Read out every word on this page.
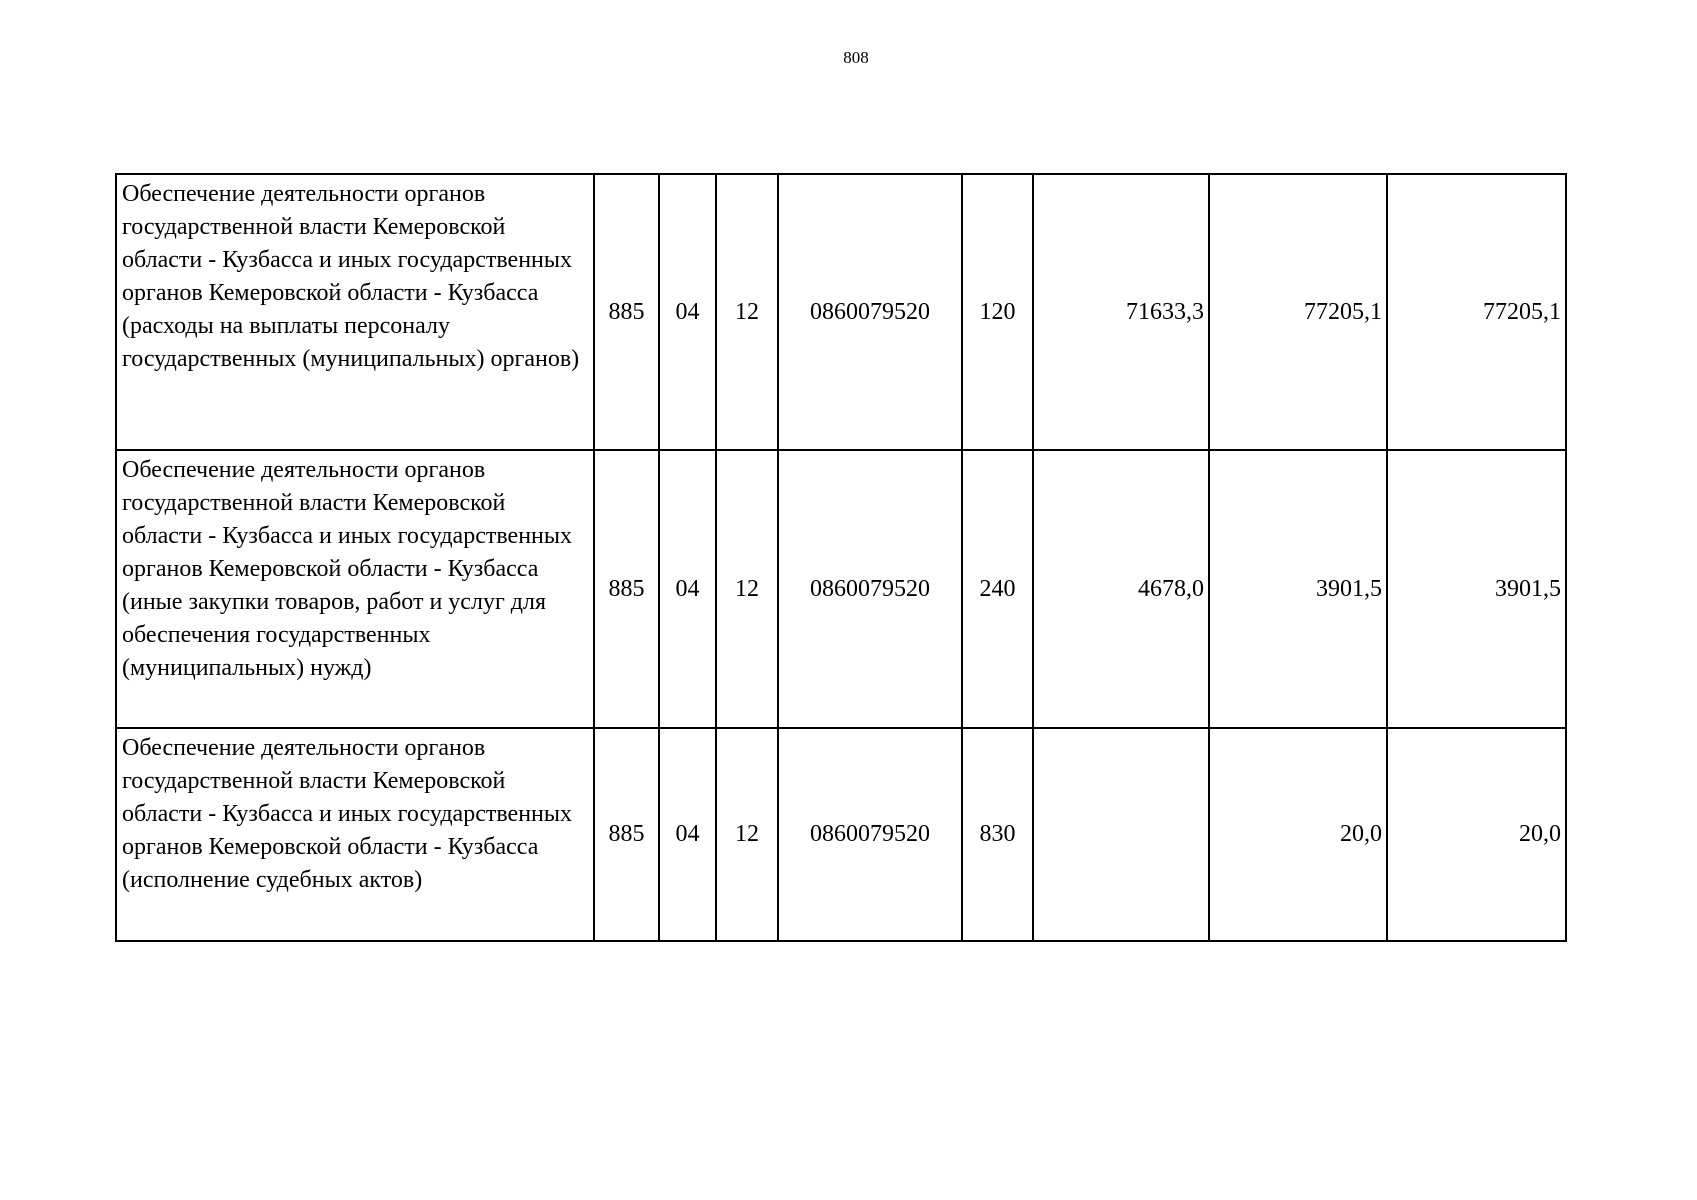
808
Обеспечение деятельности органов государственной власти Кемеровской области - Кузбасса и иных государственных органов Кемеровской области - Кузбасса (расходы на выплаты персоналу государственных (муниципальных) органов)	885	04	12	0860079520	120	71633,3	77205,1	77205,1
Обеспечение деятельности органов государственной власти Кемеровской области - Кузбасса и иных государственных органов Кемеровской области - Кузбасса (иные закупки товаров, работ и услуг для обеспечения государственных (муниципальных) нужд)	885	04	12	0860079520	240	4678,0	3901,5	3901,5
Обеспечение деятельности органов государственной власти Кемеровской области - Кузбасса и иных государственных органов Кемеровской области - Кузбасса (исполнение судебных актов)	885	04	12	0860079520	830		20,0	20,0
